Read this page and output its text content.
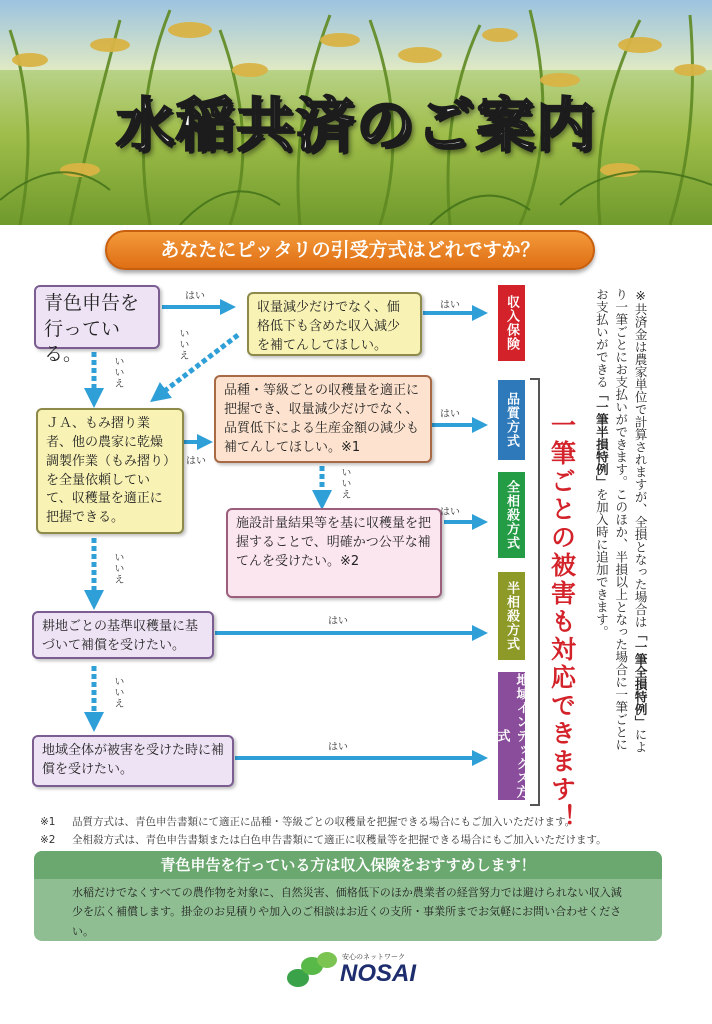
水稲共済のご案内
あなたにピッタリの引受方式はどれですか？
青色申告を行っている。
収量減少だけでなく、価格低下も含めた収入減少を補てんしてほしい。
ＪＡ、もみ摺り業者、他の農家に乾燥調製作業（もみ摺り）を全量依頼していて、収穫量を適正に把握できる。
品種・等級ごとの収穫量を適正に把握でき、収量減少だけでなく、品質低下による生産金額の減少も補てんしてほしい。※1
施設計量結果等を基に収穫量を把握することで、明確かつ公平な補てんを受けたい。※2
耕地ごとの基準収穫量に基づいて補償を受けたい。
地域全体が被害を受けた時に補償を受けたい。
はい
はい
はい
はい
はい
はい
はい
いいえ
いいえ
いいえ
いいえ
いいえ
収入保険
品質方式
全相殺方式
半相殺方式
地域インデックス方式	一筆ごとの被害も対応できます！	※共済金は農家単位で計算されますが、全損となった場合は「一筆全損特例」により一筆ごとにお支払いができます。このほか、半損以上となった場合に一筆ごとにお支払いができる「一筆半損特例」を加入時に追加できます。
※1 品質方式は、青色申告書類にて適正に品種・等級ごとの収穫量を把握できる場合にもご加入いただけます。
※2 全相殺方式は、青色申告書類または白色申告書類にて適正に収穫量等を把握できる場合にもご加入いただけます。
青色申告を行っている方は収入保険をおすすめします！
水稲だけでなくすべての農作物を対象に、自然災害、価格低下のほか農業者の経営努力では避けられない収入減少を広く補償します。掛金のお見積りや加入のご相談はお近くの支所・事業所までお気軽にお問い合わせください。
安心のネットワーク
NOSAI
